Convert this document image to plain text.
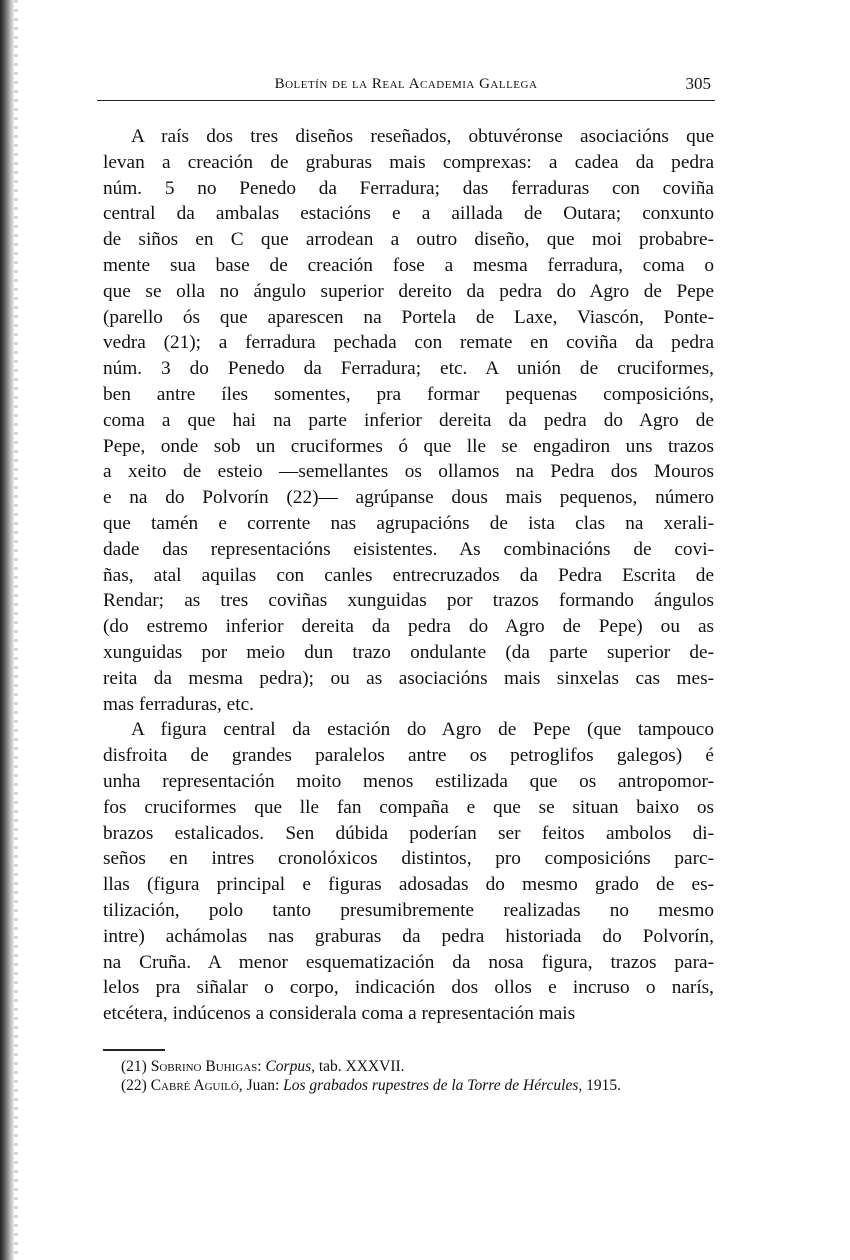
Boletín de la Real Academia Gallega	305
A raís dos tres diseños reseñados, obtuvéronse asociacións que
levan a creación de graburas mais comprexas: a cadea da pedra
núm. 5 no Penedo da Ferradura; das ferraduras con coviña
central da ambalas estacións e a aillada de Outara; conxunto
de siños en C que arrodean a outro diseño, que moi probabre-
mente sua base de creación fose a mesma ferradura, coma o
que se olla no ángulo superior dereito da pedra do Agro de Pepe
(parello ós que aparescen na Portela de Laxe, Viascón, Ponte-
vedra (21); a ferradura pechada con remate en coviña da pedra
núm. 3 do Penedo da Ferradura; etc. A unión de cruciformes,
ben antre íles somentes, pra formar pequenas composicións,
coma a que hai na parte inferior dereita da pedra do Agro de
Pepe, onde sob un cruciformes ó que lle se engadiron uns trazos
a xeito de esteio —semellantes os ollamos na Pedra dos Mouros
e na do Polvorín (22)— agrúpanse dous mais pequenos, número
que tamén e corrente nas agrupacións de ista clas na xerali-
dade das representacións eisistentes. As combinacións de covi-
ñas, atal aquilas con canles entrecruzados da Pedra Escrita de
Rendar; as tres coviñas xunguidas por trazos formando ángulos
(do estremo inferior dereita da pedra do Agro de Pepe) ou as
xunguidas por meio dun trazo ondulante (da parte superior de-
reita da mesma pedra); ou as asociacións mais sinxelas cas mes-
mas ferraduras, etc.
A figura central da estación do Agro de Pepe (que tampouco
disfroita de grandes paralelos antre os petroglifos galegos) é
unha representación moito menos estilizada que os antropomor-
fos cruciformes que lle fan compaña e que se situan baixo os
brazos estalicados. Sen dúbida poderían ser feitos ambolos di-
seños en intres cronolóxicos distintos, pro composicións parc-
llas (figura principal e figuras adosadas do mesmo grado de es-
tilización, polo tanto presumibremente realizadas no mesmo
intre) achámolas nas graburas da pedra historiada do Polvorín,
na Cruña. A menor esquematización da nosa figura, trazos para-
lelos pra siñalar o corpo, indicación dos ollos e incruso o narís,
etcétera, indúcenos a considerala coma a representación mais
(21) Sobrino Buhigas: Corpus, tab. XXXVII.
(22) Cabré Aguiló, Juan: Los grabados rupestres de la Torre de Hércules, 1915.
